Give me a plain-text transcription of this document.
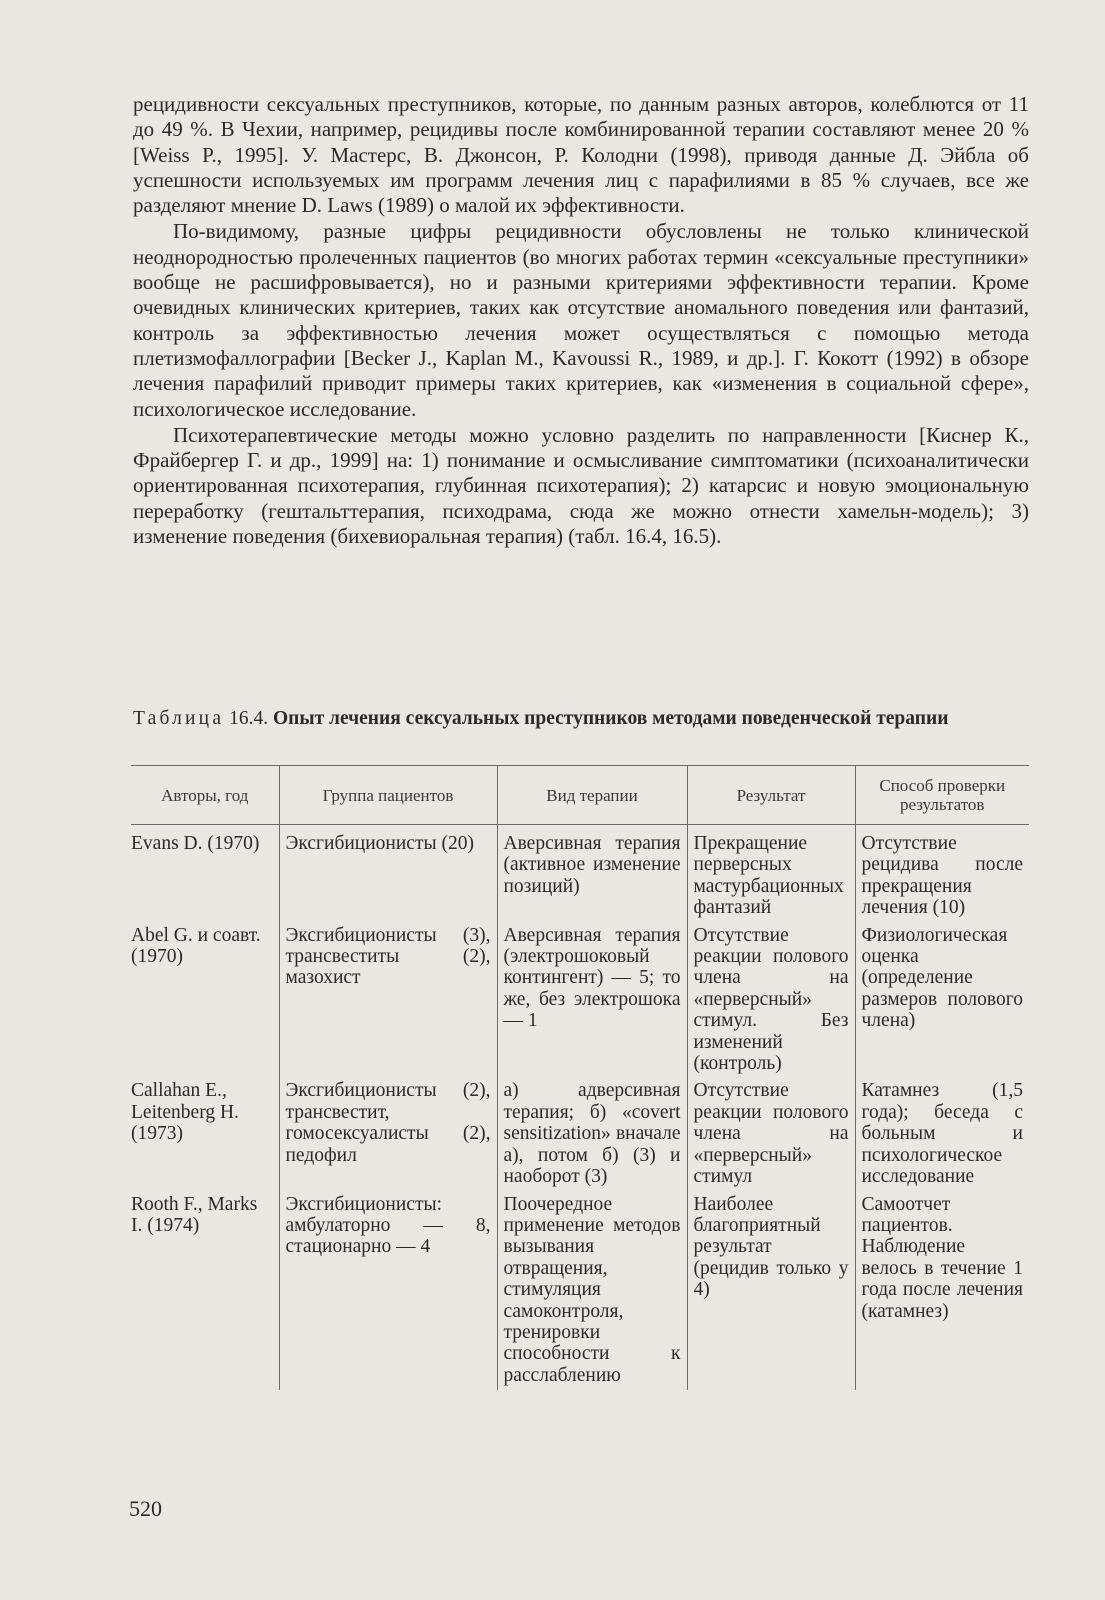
рецидивности сексуальных преступников, которые, по данным разных авторов, колеблются от 11 до 49 %. В Чехии, например, рецидивы после комбинированной терапии составляют менее 20 % [Weiss P., 1995]. У. Мастерс, В. Джонсон, Р. Колодни (1998), приводя данные Д. Эйбла об успешности используемых им программ лечения лиц с парафилиями в 85 % случаев, все же разделяют мнение D. Laws (1989) о малой их эффективности.

По-видимому, разные цифры рецидивности обусловлены не только клинической неоднородностью пролеченных пациентов (во многих работах термин «сексуальные преступники» вообще не расшифровывается), но и разными критериями эффективности терапии. Кроме очевидных клинических критериев, таких как отсутствие аномального поведения или фантазий, контроль за эффективностью лечения может осуществляться с помощью метода плетизмофаллографии [Becker J., Kaplan M., Kavoussi R., 1989, и др.]. Г. Кокотт (1992) в обзоре лечения парафилий приводит примеры таких критериев, как «изменения в социальной сфере», психологическое исследование.

Психотерапевтические методы можно условно разделить по направленности [Киснер К., Фрайбергер Г. и др., 1999] на: 1) понимание и осмысливание симптоматики (психоаналитически ориентированная психотерапия, глубинная психотерапия); 2) катарсис и новую эмоциональную переработку (гештальттерапия, психодрама, сюда же можно отнести хамельн-модель); 3) изменение поведения (бихевиоральная терапия) (табл. 16.4, 16.5).

Таблица 16.4. Опыт лечения сексуальных преступников методами поведенческой терапии
Авторы, год	Группа пациентов	Вид терапии	Результат	Способ проверки результатов
Evans D. (1970)	Эксгибиционисты (20)	Аверсивная терапия (активное изменение позиций)	Прекращение перверсных мастурбационных фантазий	Отсутствие рецидива после прекращения лечения (10)
Abel G. и соавт. (1970)	Эксгибиционисты (3), трансвеститы (2), мазохист	Аверсивная терапия (электрошоковый контингент) — 5; то же, без электрошока — 1	Отсутствие реакции полового члена на «перверсный» стимул. Без изменений (контроль)	Физиологическая оценка (определение размеров полового члена)
Callahan E., Leitenberg H. (1973)	Эксгибиционисты (2), трансвестит, гомосексуалисты (2), педофил	а) адверсивная терапия; б) «covert sensitization» вначале а), потом б) (3) и наоборот (3)	Отсутствие реакции полового члена на «перверсный» стимул	Катамнез (1,5 года); беседа с больным и психологическое исследование
Rooth F., Marks I. (1974)	Эксгибиционисты: амбулаторно — 8, стационарно — 4	Поочередное применение методов вызывания отвращения, стимуляция самоконтроля, тренировки способности к расслаблению	Наиболее благоприятный результат (рецидив только у 4)	Самоотчет пациентов. Наблюдение велось в течение 1 года после лечения (катамнез)
520
